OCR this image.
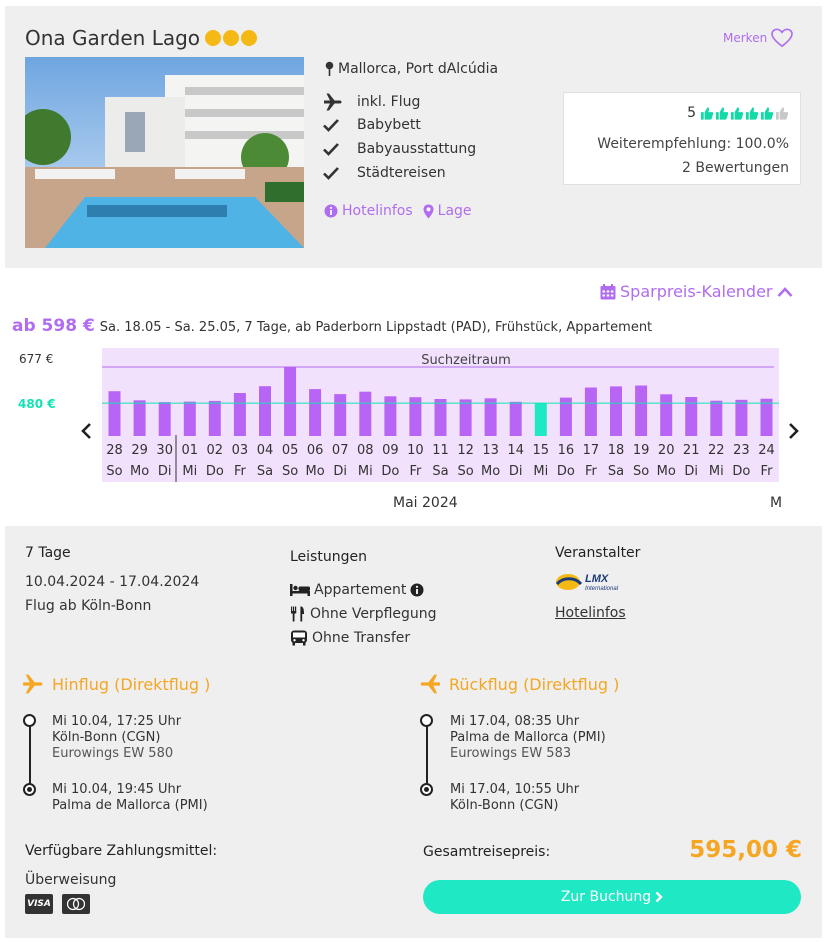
Ona Garden Lago	Merken
Mallorca, Port dAlcúdia
inkl. Flug
Babybett
Babyausstattung
Städtereisen
Hotelinfos Lage
5
Weiterempfehlung: 100.0%
2 Bewertungen
Sparpreis-Kalender
ab 598 € Sa. 18.05 - Sa. 25.05, 7 Tage, ab Paderborn Lippstadt (PAD), Frühstück, Appartement
677 €
480 €
Suchzeitraum
28
So
29
Mo
30
Di
01
Mi
02
Do
03
Fr
04
Sa
05
So
06
Mo
07
Di
08
Mi
09
Do
10
Fr
11
Sa
12
So
13
Mo
14
Di
15
Mi
16
Do
17
Fr
18
Sa
19
So
20
Mo
21
Di
22
Mi
23
Do
24
Fr
Mai 2024	M
7 Tage
10.04.2024 - 17.04.2024
Flug ab Köln-Bonn
Leistungen
Appartement
Ohne Verpflegung
Ohne Transfer
Veranstalter
LMX
International
Hotelinfos
Hinflug (Direktflug )
Mi 10.04, 17:25 Uhr
Köln-Bonn (CGN)
Eurowings EW 580
Mi 10.04, 19:45 Uhr
Palma de Mallorca (PMI)
Rückflug (Direktflug )
Mi 17.04, 08:35 Uhr
Palma de Mallorca (PMI)
Eurowings EW 583
Mi 17.04, 10:55 Uhr
Köln-Bonn (CGN)
Verfügbare Zahlungsmittel:
Überweisung
VISA
Gesamtreisepreis:	595,00 €
Zur Buchung
